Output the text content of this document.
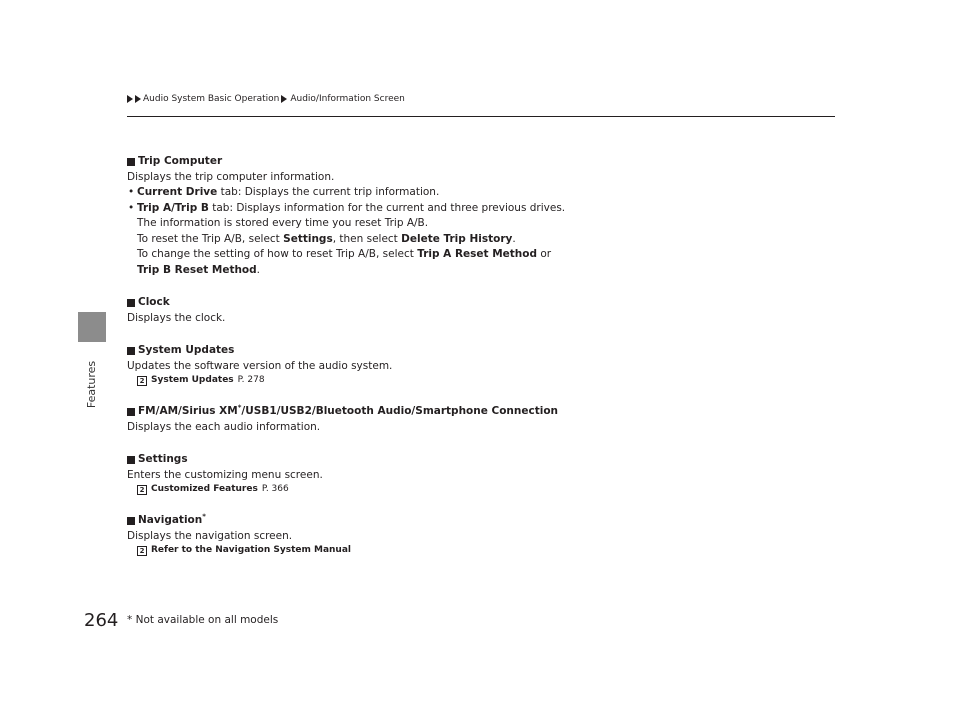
Features
Audio System Basic Operation Audio/Information Screen
Trip Computer
Displays the trip computer information.
• Current Drive tab: Displays the current trip information.
• Trip A/Trip B tab: Displays information for the current and three previous drives.
The information is stored every time you reset Trip A/B.
To reset the Trip A/B, select Settings, then select Delete Trip History.
To change the setting of how to reset Trip A/B, select Trip A Reset Method or
Trip B Reset Method.
Clock
Displays the clock.
System Updates
Updates the software version of the audio system.
2 System Updates P. 278
FM/AM/Sirius XM*/USB1/USB2/Bluetooth Audio/Smartphone Connection
Displays the each audio information.
Settings
Enters the customizing menu screen.
2 Customized Features P. 366
Navigation*
Displays the navigation screen.
2 Refer to the Navigation System Manual
264 * Not available on all models
